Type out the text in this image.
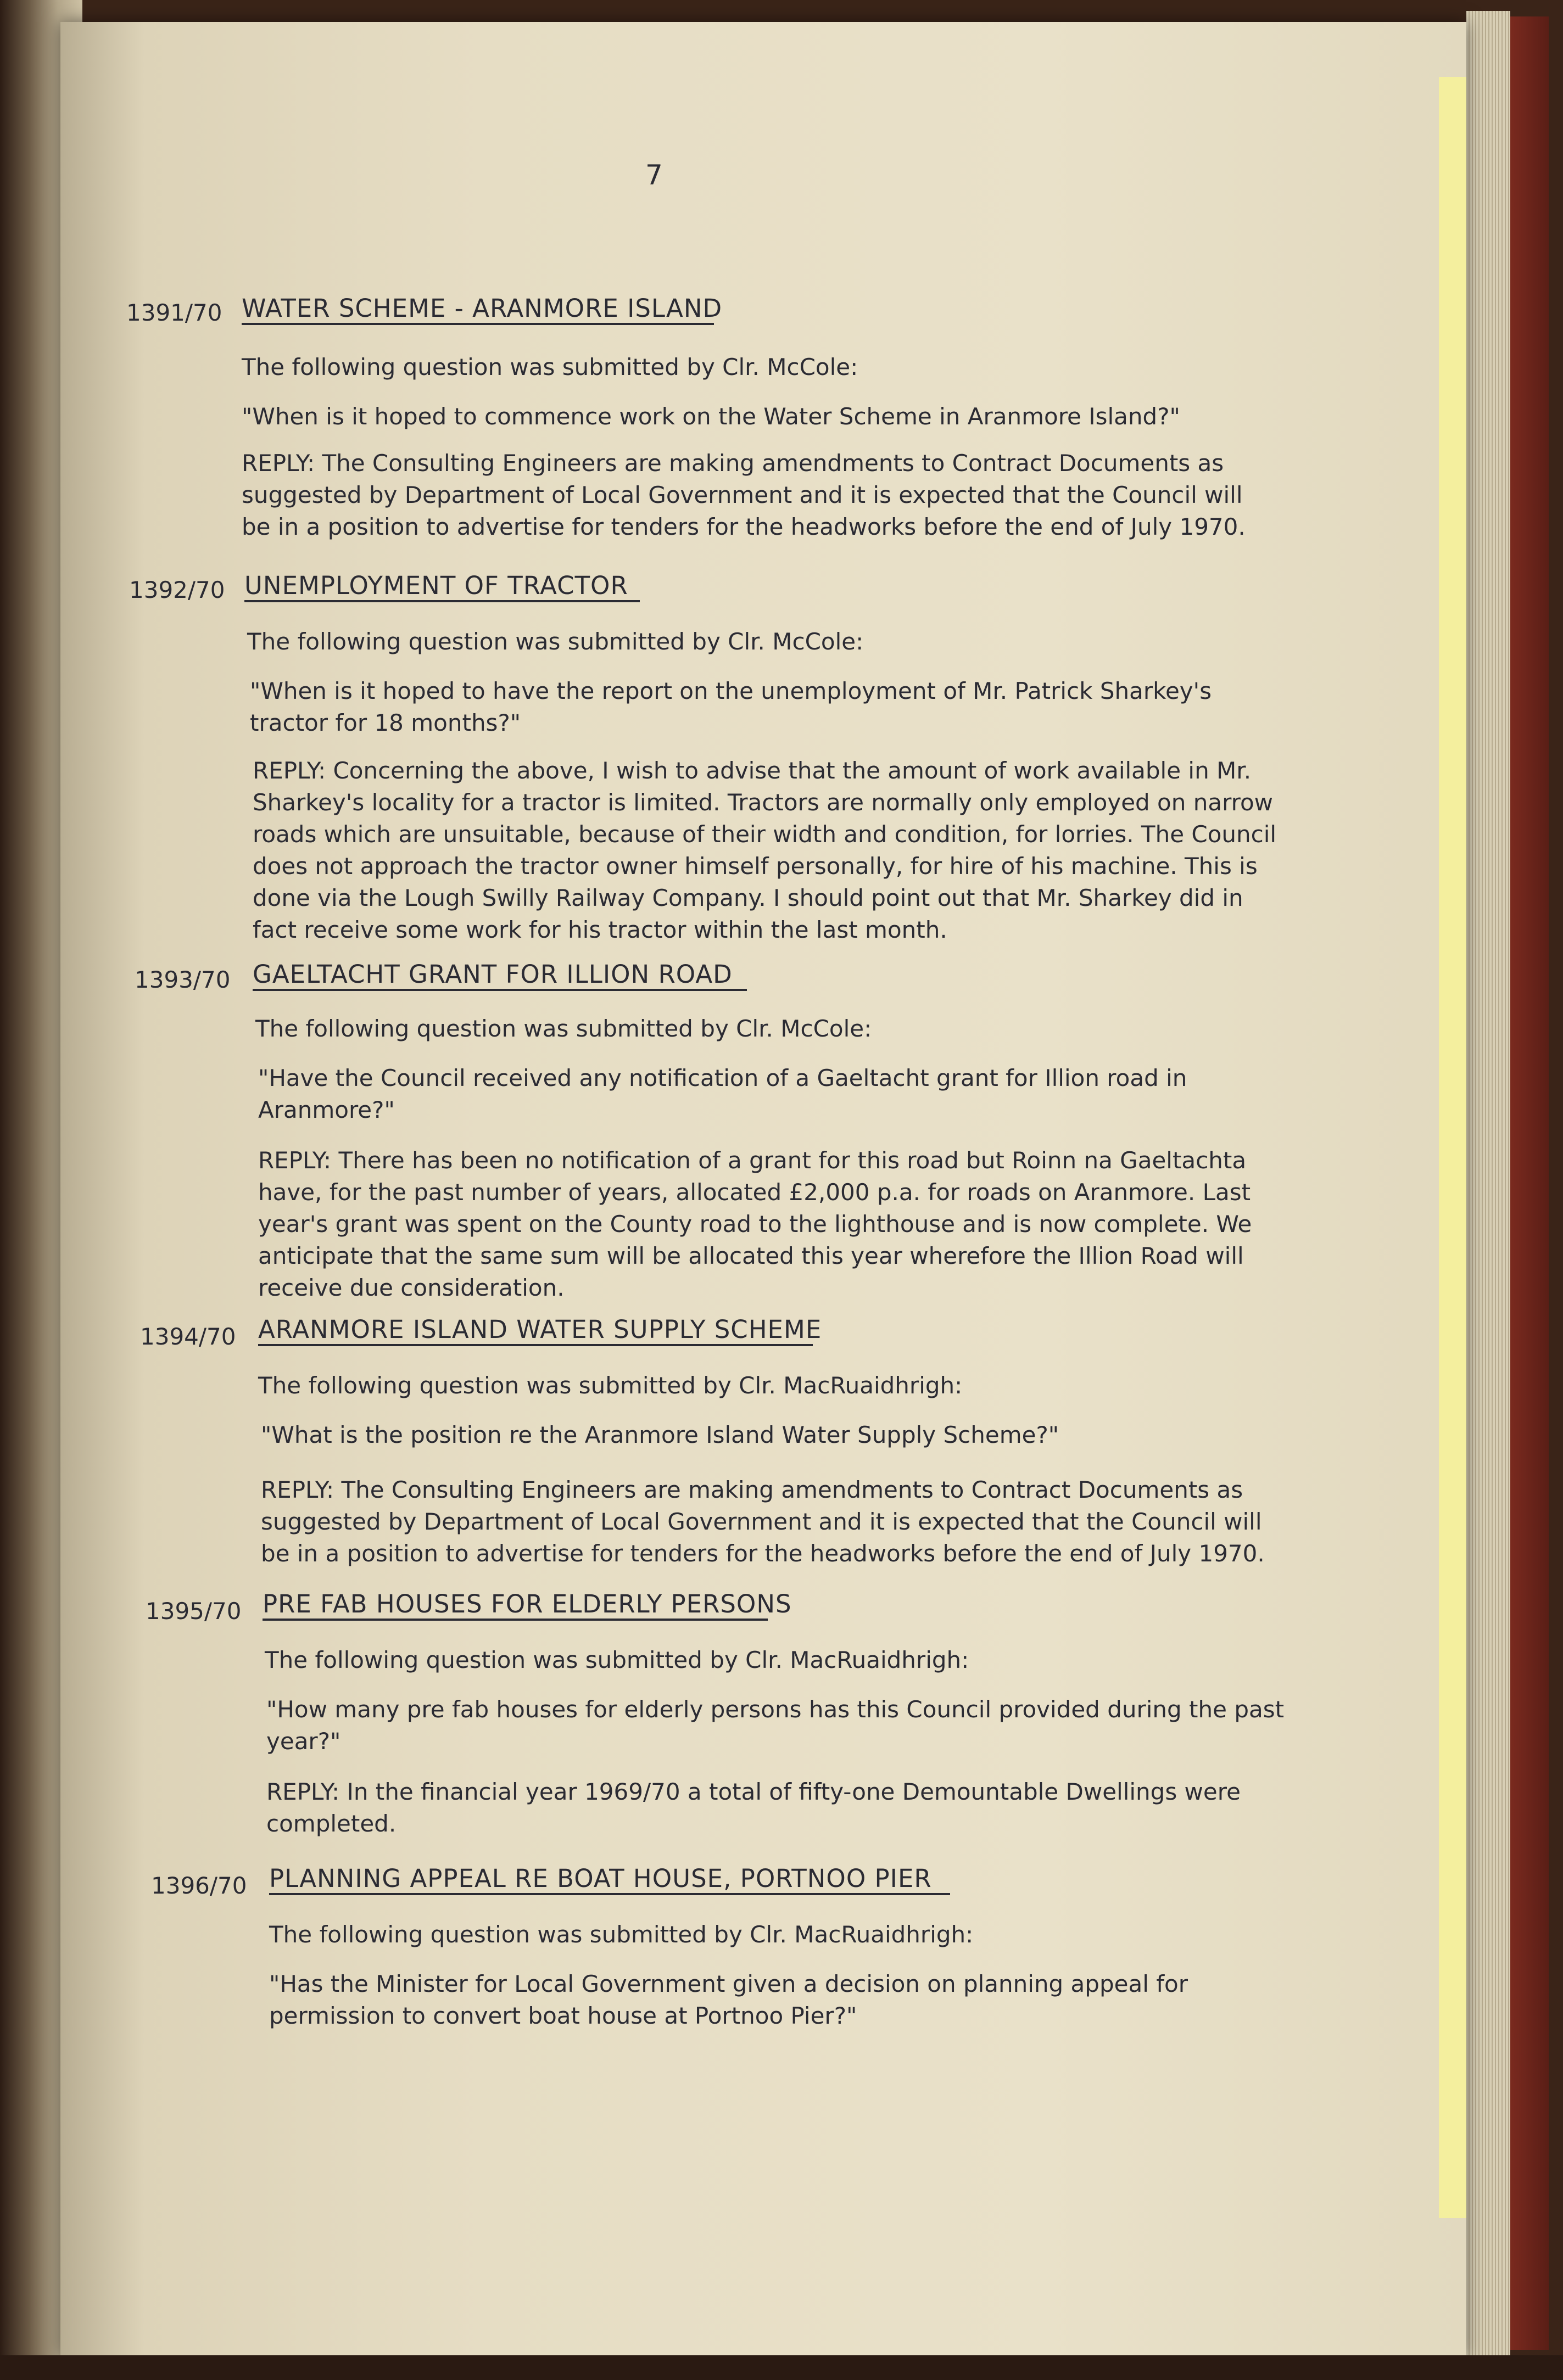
7
1391/70 WATER SCHEME - ARANMORE ISLAND
The following question was submitted by Clr. McCole:
"When is it hoped to commence work on the Water Scheme in Aranmore Island?"
REPLY: The Consulting Engineers are making amendments to Contract Documents as suggested by Department of Local Government and it is expected that the Council will be in a position to advertise for tenders for the headworks before the end of July 1970.
1392/70 UNEMPLOYMENT OF TRACTOR
The following question was submitted by Clr. McCole:
"When is it hoped to have the report on the unemployment of Mr. Patrick Sharkey's tractor for 18 months?"
REPLY: Concerning the above, I wish to advise that the amount of work available in Mr. Sharkey's locality for a tractor is limited. Tractors are normally only employed on narrow roads which are unsuitable, because of their width and condition, for lorries. The Council does not approach the tractor owner himself personally, for hire of his machine. This is done via the Lough Swilly Railway Company. I should point out that Mr. Sharkey did in fact receive some work for his tractor within the last month.
1393/70 GAELTACHT GRANT FOR ILLION ROAD
The following question was submitted by Clr. McCole:
"Have the Council received any notification of a Gaeltacht grant for Illion road in Aranmore?"
REPLY: There has been no notification of a grant for this road but Roinn na Gaeltachta have, for the past number of years, allocated £2,000 p.a. for roads on Aranmore. Last year's grant was spent on the County road to the lighthouse and is now complete. We anticipate that the same sum will be allocated this year wherefore the Illion Road will receive due consideration.
1394/70 ARANMORE ISLAND WATER SUPPLY SCHEME
The following question was submitted by Clr. MacRuaidhrigh:
"What is the position re the Aranmore Island Water Supply Scheme?"
REPLY: The Consulting Engineers are making amendments to Contract Documents as suggested by Department of Local Government and it is expected that the Council will be in a position to advertise for tenders for the headworks before the end of July 1970.
1395/70 PRE FAB HOUSES FOR ELDERLY PERSONS
The following question was submitted by Clr. MacRuaidhrigh:
"How many pre fab houses for elderly persons has this Council provided during the past year?"
REPLY: In the financial year 1969/70 a total of fifty-one Demountable Dwellings were completed.
1396/70 PLANNING APPEAL RE BOAT HOUSE, PORTNOO PIER
The following question was submitted by Clr. MacRuaidhrigh:
"Has the Minister for Local Government given a decision on planning appeal for permission to convert boat house at Portnoo Pier?"
